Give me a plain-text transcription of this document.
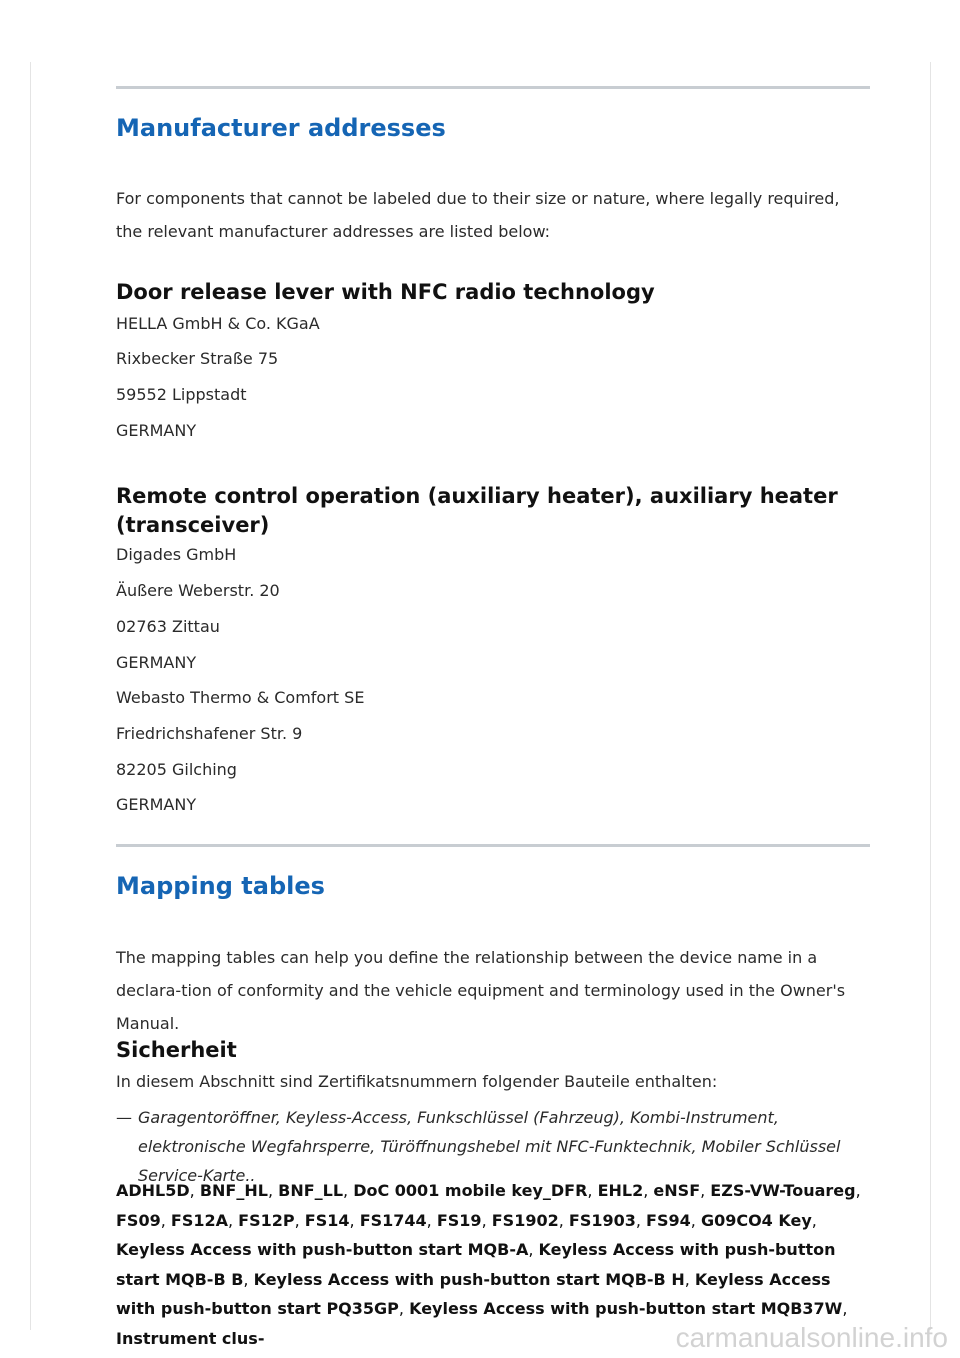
Manufacturer addresses

For components that cannot be labeled due to their size or nature, where legally required, the relevant manufacturer addresses are listed below:

Door release lever with NFC radio technology

HELLA GmbH & Co. KGaA

Rixbecker Straße 75

59552 Lippstadt

GERMANY

Remote control operation (auxiliary heater), auxiliary heater (transceiver)

Digades GmbH

Äußere Weberstr. 20

02763 Zittau

GERMANY

Webasto Thermo & Comfort SE

Friedrichshafener Str. 9

82205 Gilching

GERMANY

Mapping tables

The mapping tables can help you define the relationship between the device name in a declara-tion of conformity and the vehicle equipment and terminology used in the Owner's Manual.

Sicherheit

In diesem Abschnitt sind Zertifikatsnummern folgender Bauteile enthalten:

— Garagentoröffner, Keyless-Access, Funkschlüssel (Fahrzeug), Kombi-Instrument, elektronische Wegfahrsperre, Türöffnungshebel mit NFC-Funktechnik, Mobiler Schlüssel Service-Karte..

ADHL5D, BNF_HL, BNF_LL, DoC 0001 mobile key_DFR, EHL2, eNSF, EZS-VW-Touareg, FS09, FS12A, FS12P, FS14, FS1744, FS19, FS1902, FS1903, FS94, G09CO4 Key, Keyless Access with push-button start MQB-A, Keyless Access with push-button start MQB-B B, Keyless Access with push-button start MQB-B H, Keyless Access with push-button start PQ35GP, Keyless Access with push-button start MQB37W, Instrument clus-	carmanualsonline.info
